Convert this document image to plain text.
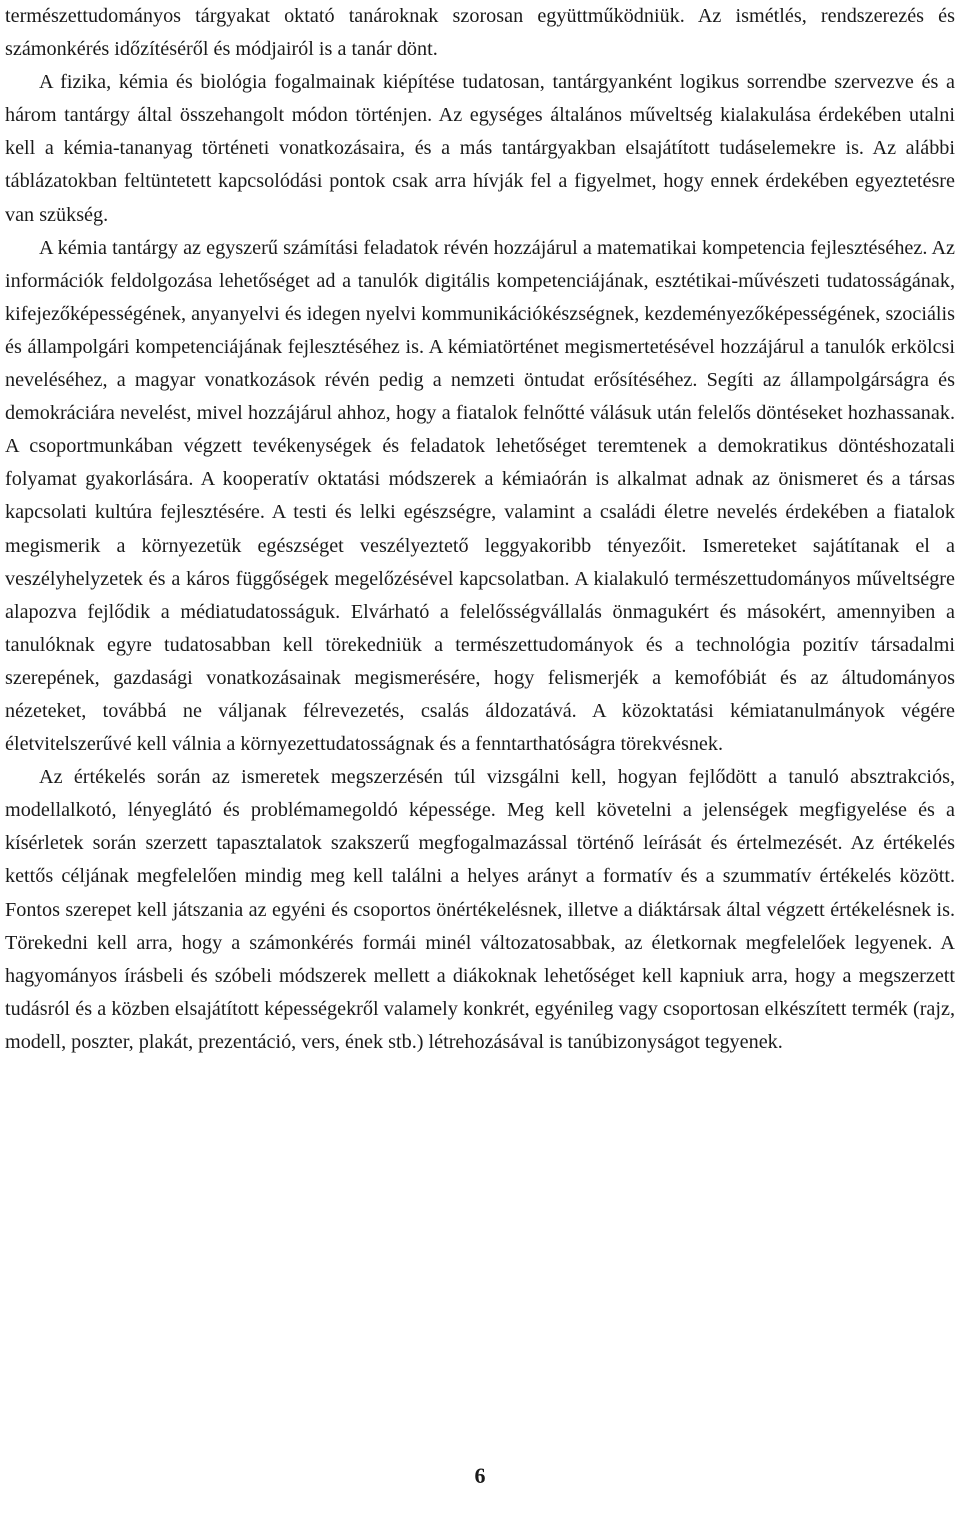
természettudományos tárgyakat oktató tanároknak szorosan együttműködniük. Az ismétlés, rendszerezés és számonkérés időzítéséről és módjairól is a tanár dönt.

A fizika, kémia és biológia fogalmainak kiépítése tudatosan, tantárgyanként logikus sorrendbe szervezve és a három tantárgy által összehangolt módon történjen. Az egységes általános műveltség kialakulása érdekében utalni kell a kémia-tananyag történeti vonatkozásaira, és a más tantárgyakban elsajátított tudáselemekre is. Az alábbi táblázatokban feltüntetett kapcsolódási pontok csak arra hívják fel a figyelmet, hogy ennek érdekében egyeztetésre van szükség.

A kémia tantárgy az egyszerű számítási feladatok révén hozzájárul a matematikai kompetencia fejlesztéséhez. Az információk feldolgozása lehetőséget ad a tanulók digitális kompetenciájának, esztétikai-művészeti tudatosságának, kifejezőképességének, anyanyelvi és idegen nyelvi kommunikációkészségnek, kezdeményezőképességének, szociális és állampolgári kompetenciájának fejlesztéséhez is. A kémiatörténet megismertetésével hozzájárul a tanulók erkölcsi neveléséhez, a magyar vonatkozások révén pedig a nemzeti öntudat erősítéséhez. Segíti az állampolgárságra és demokráciára nevelést, mivel hozzájárul ahhoz, hogy a fiatalok felnőtté válásuk után felelős döntéseket hozhassanak. A csoportmunkában végzett tevékenységek és feladatok lehetőséget teremtenek a demokratikus döntéshozatali folyamat gyakorlására. A kooperatív oktatási módszerek a kémiaórán is alkalmat adnak az önismeret és a társas kapcsolati kultúra fejlesztésére. A testi és lelki egészségre, valamint a családi életre nevelés érdekében a fiatalok megismerik a környezetük egészséget veszélyeztető leggyakoribb tényezőit. Ismereteket sajátítanak el a veszélyhelyzetek és a káros függőségek megelőzésével kapcsolatban. A kialakuló természettudományos műveltségre alapozva fejlődik a médiatudatosságuk. Elvárható a felelősségvállalás önmagukért és másokért, amennyiben a tanulóknak egyre tudatosabban kell törekedniük a természettudományok és a technológia pozitív társadalmi szerepének, gazdasági vonatkozásainak megismerésére, hogy felismerjék a kemofóbiát és az áltudományos nézeteket, továbbá ne váljanak félrevezetés, csalás áldozatává. A közoktatási kémiatanulmányok végére életvitelszerűvé kell válnia a környezettudatosságnak és a fenntarthatóságra törekvésnek.

Az értékelés során az ismeretek megszerzésén túl vizsgálni kell, hogyan fejlődött a tanuló absztrakciós, modellalkotó, lényeglátó és problémamegoldó képessége. Meg kell követelni a jelenségek megfigyelése és a kísérletek során szerzett tapasztalatok szakszerű megfogalmazással történő leírását és értelmezését. Az értékelés kettős céljának megfelelően mindig meg kell találni a helyes arányt a formatív és a szummatív értékelés között. Fontos szerepet kell játszania az egyéni és csoportos önértékelésnek, illetve a diáktársak által végzett értékelésnek is. Törekedni kell arra, hogy a számonkérés formái minél változatosabbak, az életkornak megfelelőek legyenek. A hagyományos írásbeli és szóbeli módszerek mellett a diákoknak lehetőséget kell kapniuk arra, hogy a megszerzett tudásról és a közben elsajátított képességekről valamely konkrét, egyénileg vagy csoportosan elkészített termék (rajz, modell, poszter, plakát, prezentáció, vers, ének stb.) létrehozásával is tanúbizonyságot tegyenek.

6
